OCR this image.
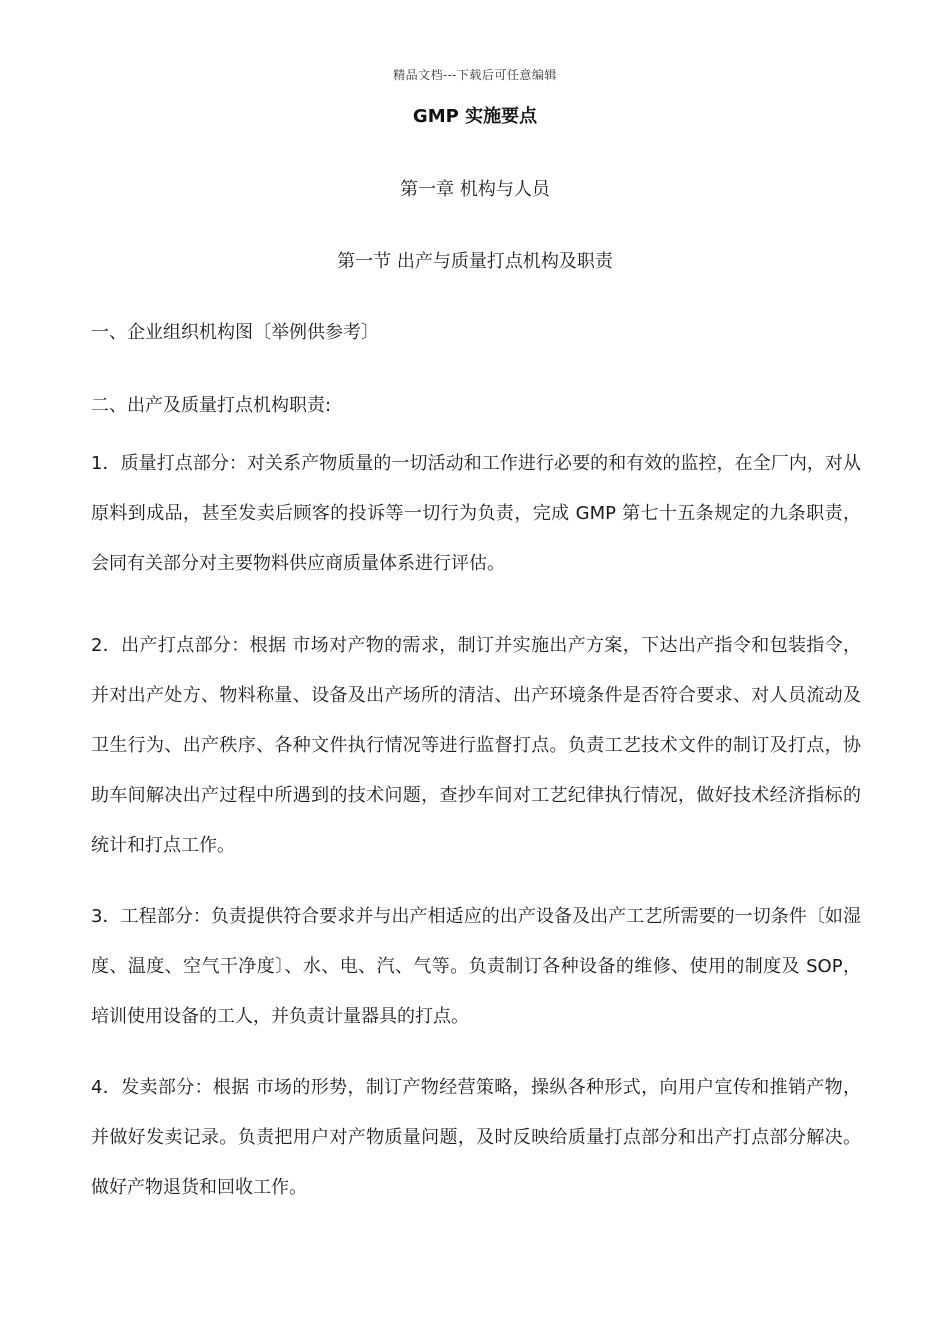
精品文档---下载后可任意编辑
GMP 实施要点
第一章 机构与人员
第一节 出产与质量打点机构及职责
一、企业组织机构图〔举例供参考〕
二、出产及质量打点机构职责:
1．质量打点部分：对关系产物质量的一切活动和工作进行必要的和有效的监控，在全厂内，对从原料到成品，甚至发卖后顾客的投诉等一切行为负责，完成 GMP 第七十五条规定的九条职责，会同有关部分对主要物料供应商质量体系进行评估。
2．出产打点部分：根据 市场对产物的需求，制订并实施出产方案，下达出产指令和包装指令，并对出产处方、物料称量、设备及出产场所的清洁、出产环境条件是否符合要求、对人员流动及卫生行为、出产秩序、各种文件执行情况等进行监督打点。负责工艺技术文件的制订及打点，协助车间解决出产过程中所遇到的技术问题，查抄车间对工艺纪律执行情况，做好技术经济指标的统计和打点工作。
3．工程部分：负责提供符合要求并与出产相适应的出产设备及出产工艺所需要的一切条件〔如湿度、温度、空气干净度〕、水、电、汽、气等。负责制订各种设备的维修、使用的制度及 SOP，培训使用设备的工人，并负责计量器具的打点。
4．发卖部分：根据 市场的形势，制订产物经营策略，操纵各种形式，向用户宣传和推销产物，并做好发卖记录。负责把用户对产物质量问题，及时反映给质量打点部分和出产打点部分解决。做好产物退货和回收工作。
